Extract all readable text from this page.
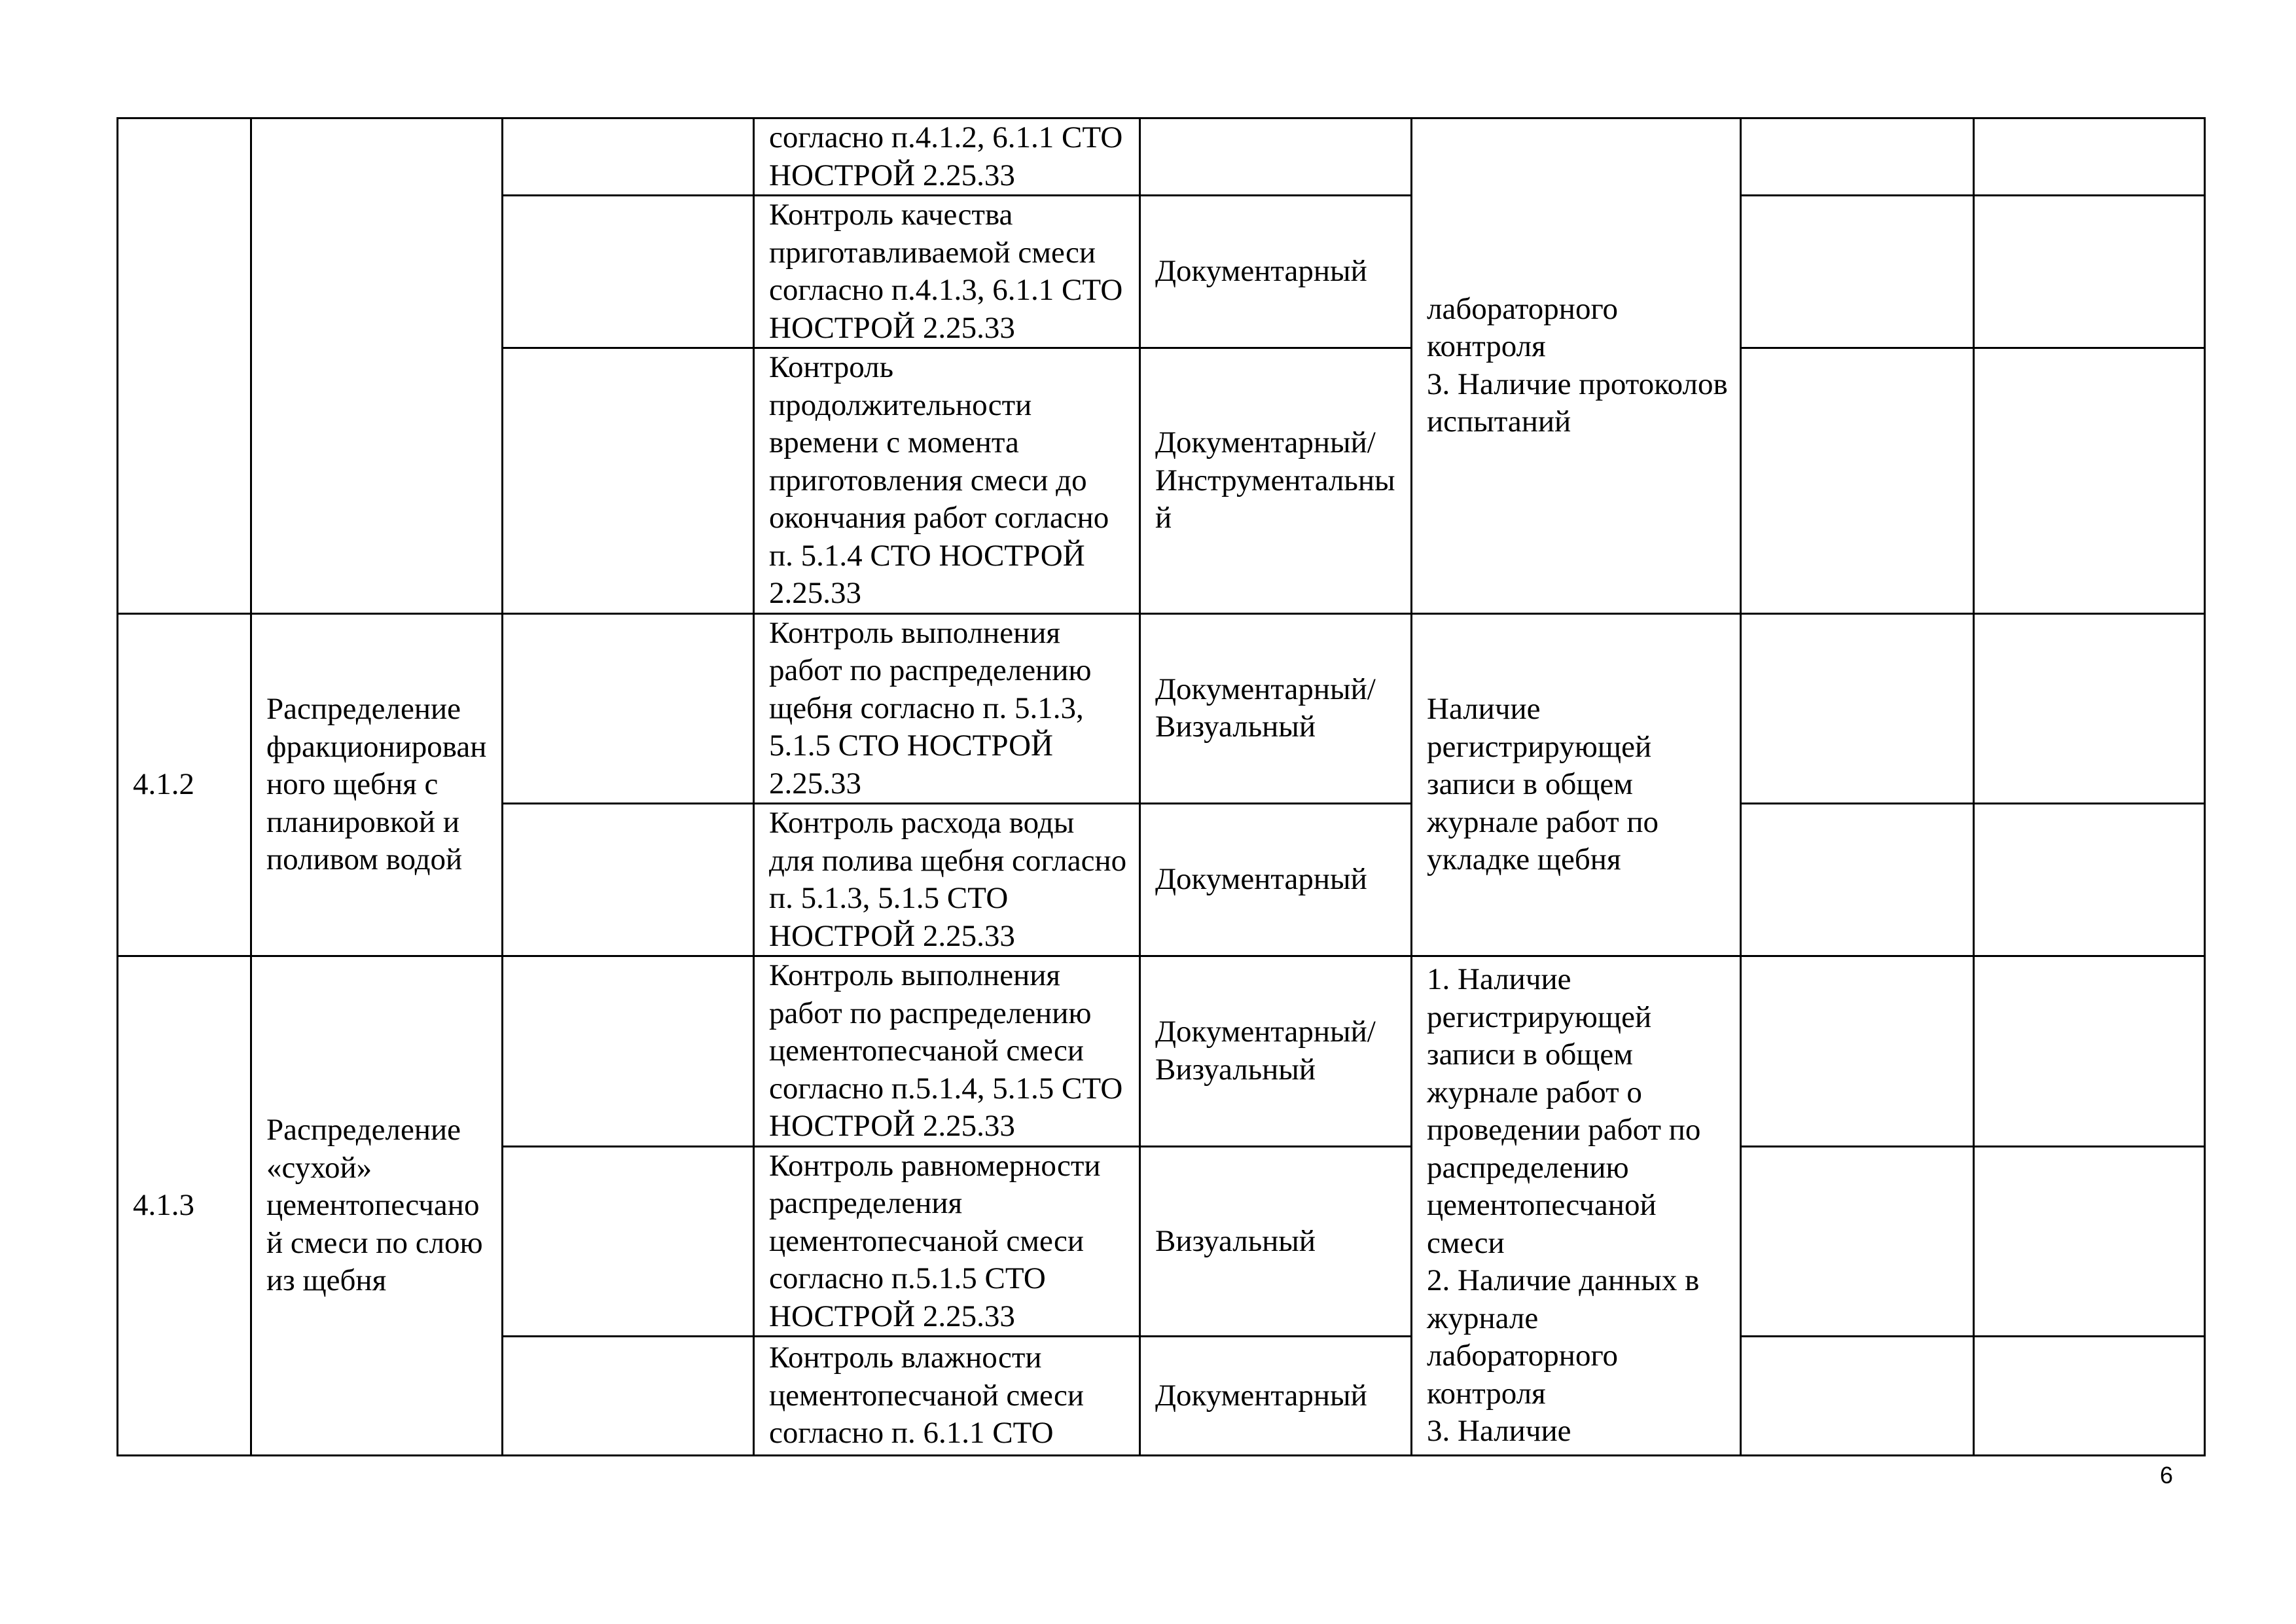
			согласно п.4.1.2, 6.1.1 СТО НОСТРОЙ 2.25.33		лабораторного контроля
3. Наличие протоколов испытаний		

			Контроль качества приготавливаемой смеси согласно п.4.1.3, 6.1.1 СТО НОСТРОЙ 2.25.33	Документарный			
			Контроль продолжительности времени с момента приготовления смеси до окончания работ согласно п. 5.1.4 СТО НОСТРОЙ 2.25.33	Документарный/ Инструментальный			
4.1.2	Распределение фракционированного щебня с планировкой и поливом водой		Контроль выполнения работ по распределению щебня согласно п. 5.1.3, 5.1.5 СТО НОСТРОЙ 2.25.33	Документарный/ Визуальный	Наличие регистрирующей записи в общем журнале работ по укладке щебня		

			Контроль расхода воды для полива щебня согласно п. 5.1.3, 5.1.5 СТО НОСТРОЙ 2.25.33	Документарный			
4.1.3	Распределение «сухой» цементопесчаной смеси по слою из щебня		Контроль выполнения работ по распределению цементопесчаной смеси согласно п.5.1.4, 5.1.5 СТО НОСТРОЙ 2.25.33	Документарный/ Визуальный	1. Наличие регистрирующей записи в общем журнале работ о проведении работ по распределению цементопесчаной смеси
2. Наличие данных в журнале лабораторного контроля
3. Наличие		

			Контроль равномерности распределения цементопесчаной смеси согласно п.5.1.5 СТО НОСТРОЙ 2.25.33	Визуальный			
			Контроль влажности цементопесчаной смеси согласно п. 6.1.1 СТО	Документарный			
6
